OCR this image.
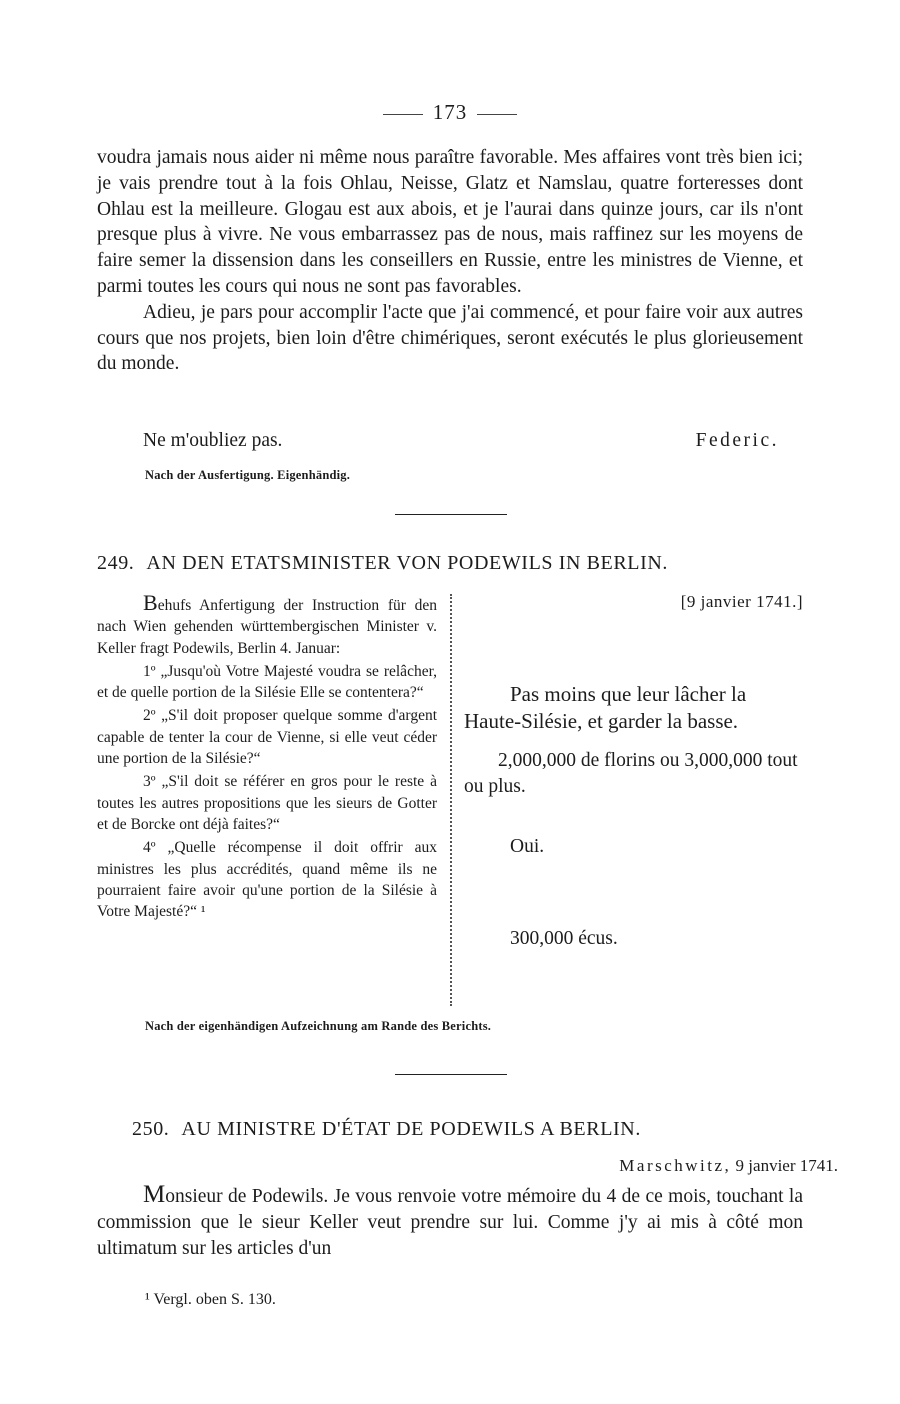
173

voudra jamais nous aider ni même nous paraître favorable. Mes affaires vont très bien ici; je vais prendre tout à la fois Ohlau, Neisse, Glatz et Namslau, quatre forteresses dont Ohlau est la meilleure. Glogau est aux abois, et je l'aurai dans quinze jours, car ils n'ont presque plus à vivre. Ne vous embarrassez pas de nous, mais raffinez sur les moyens de faire semer la dissension dans les conseillers en Russie, entre les ministres de Vienne, et parmi toutes les cours qui nous ne sont pas favorables.

Adieu, je pars pour accomplir l'acte que j'ai commencé, et pour faire voir aux autres cours que nos projets, bien loin d'être chimériques, seront exécutés le plus glorieusement du monde.

Ne m'oubliez pas.	Federic.
Nach der Ausfertigung. Eigenhändig.
249. AN DEN ETATSMINISTER VON PODEWILS IN BERLIN.
[9 janvier 1741.]

Behufs Anfertigung der Instruction für den nach Wien gehenden württembergischen Minister v. Keller fragt Podewils, Berlin 4. Januar:

1º „Jusqu'où Votre Majesté voudra se relâcher, et de quelle portion de la Silésie Elle se contentera?“

2º „S'il doit proposer quelque somme d'argent capable de tenter la cour de Vienne, si elle veut céder une portion de la Silésie?“

3º „S'il doit se référer en gros pour le reste à toutes les autres propositions que les sieurs de Gotter et de Borcke ont déjà faites?“

4º „Quelle récompense il doit offrir aux ministres les plus accrédités, quand même ils ne pourraient faire avoir qu'une portion de la Silésie à Votre Majesté?“ ¹

Pas moins que leur lâcher la Haute-Silésie, et garder la basse.
2,000,000 de florins ou 3,000,000 tout ou plus.
Oui.
300,000 écus.
Nach der eigenhändigen Aufzeichnung am Rande des Berichts.
250. AU MINISTRE D'ÉTAT DE PODEWILS A BERLIN.
Marschwitz, 9 janvier 1741.

Monsieur de Podewils. Je vous renvoie votre mémoire du 4 de ce mois, touchant la commission que le sieur Keller veut prendre sur lui. Comme j'y ai mis à côté mon ultimatum sur les articles d'un

¹ Vergl. oben S. 130.
